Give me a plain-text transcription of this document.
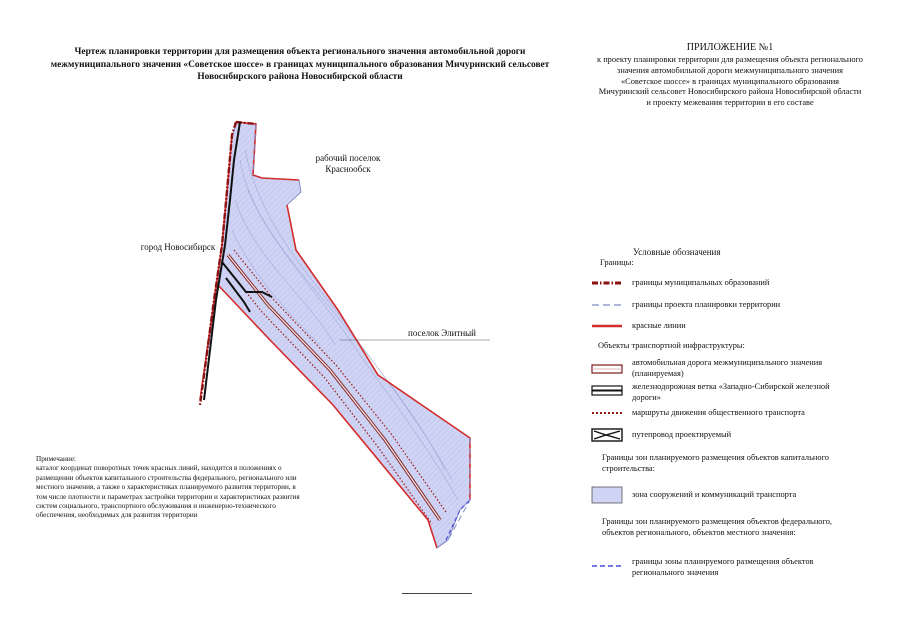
Чертеж планировки территории для размещения объекта регионального значения автомобильной дороги межмуниципального значения «Советское шоссе» в границах муниципального образования Мичуринский сельсовет Новосибирского района Новосибирской области
ПРИЛОЖЕНИЕ №1
к проекту планировки территории для размещения объекта регионального значения автомобильной дороги межмуниципального значения «Советское шоссе» в границах муниципального образования Мичуринский сельсовет Новосибирского района Новосибирской области и проекту межевания территории в его составе
рабочий поселок Краснообск
город Новосибирск
поселок Элитный
Условные обозначения
Границы:
границы муниципальных образований
границы проекта планировки территории
красные линии
Объекты транспортной инфраструктуры:
автомобильная дорога межмуниципального значения (планируемая)
железнодорожная ветка «Западно-Сибирской железной дороги»
маршруты движения общественного транспорта
путепровод проектируемый
Границы зон планируемого размещения объектов капитального строительства:
зона сооружений и коммуникаций транспорта
Границы зон планируемого размещения объектов федерального, объектов регионального, объектов местного значения:
границы зоны планируемого размещения объектов регионального значения
Примечание:
каталог координат поворотных точек красных линий, находится в положениях о размещении объектов капитального строительства федерального, регионального или местного значения, а также о характеристиках планируемого развития территории, в том числе плотности и параметрах застройки территории и характеристиках развития систем социального, транспортного обслуживания и инженерно-технического обеспечения, необходимых для развития территории
